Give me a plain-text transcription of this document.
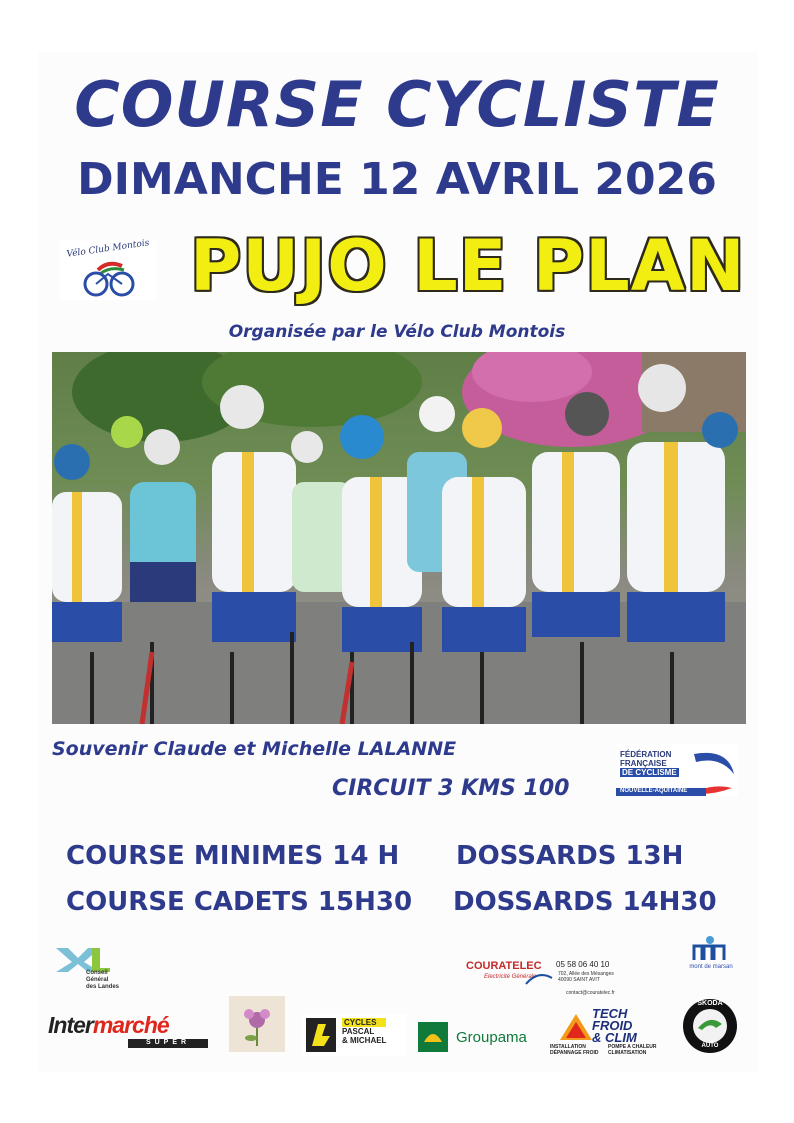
COURSE CYCLISTE
DIMANCHE 12 AVRIL 2026
Vélo Club Montois PUJO LE PLAN
Organisée par le Vélo Club Montois
Souvenir Claude et Michelle LALANNE
CIRCUIT 3 KMS 100
FÉDÉRATION
FRANÇAISE
DE CYCLISME
NOUVELLE-AQUITAINE
COURSE MINIMES 14 H DOSSARDS 13H
COURSE CADETS 15H30 DOSSARDS 14H30
Conseil
Général
des Landes
COURATELEC
Electricité Générale
05 58 06 40 10
702, Allée des Mésanges
40090 SAINT AVIT
contact@couratelec.fr
mont de marsan
Intermarché
SUPER
CYCLES
PASCAL
& MICHAEL	Groupama
TECH
FROID
& CLIM
INSTALLATION
DÉPANNAGE FROID
POMPE A CHALEUR
CLIMATISATION
ŠKODA
AUTO
